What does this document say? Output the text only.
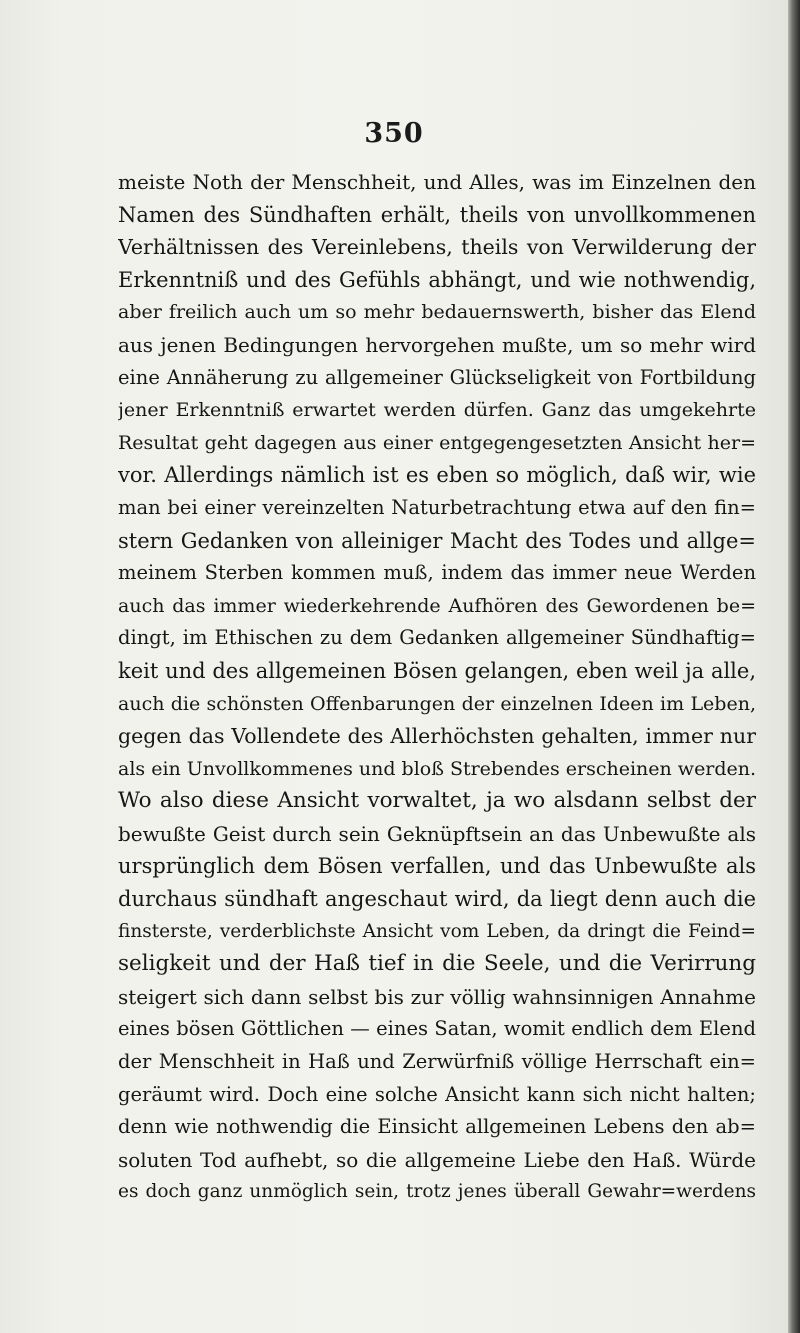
350
meiste Noth der Menschheit, und Alles, was im Einzelnen den
Namen des Sündhaften erhält, theils von unvollkommenen
Verhältnissen des Vereinlebens, theils von Verwilderung der
Erkenntniß und des Gefühls abhängt, und wie nothwendig,
aber freilich auch um so mehr bedauernswerth, bisher das Elend
aus jenen Bedingungen hervorgehen mußte, um so mehr wird
eine Annäherung zu allgemeiner Glückseligkeit von Fortbildung
jener Erkenntniß erwartet werden dürfen. Ganz das umgekehrte
Resultat geht dagegen aus einer entgegengesetzten Ansicht her=
vor. Allerdings nämlich ist es eben so möglich, daß wir, wie
man bei einer vereinzelten Naturbetrachtung etwa auf den fin=
stern Gedanken von alleiniger Macht des Todes und allge=
meinem Sterben kommen muß, indem das immer neue Werden
auch das immer wiederkehrende Aufhören des Gewordenen be=
dingt, im Ethischen zu dem Gedanken allgemeiner Sündhaftig=
keit und des allgemeinen Bösen gelangen, eben weil ja alle,
auch die schönsten Offenbarungen der einzelnen Ideen im Leben,
gegen das Vollendete des Allerhöchsten gehalten, immer nur
als ein Unvollkommenes und bloß Strebendes erscheinen werden.
Wo also diese Ansicht vorwaltet, ja wo alsdann selbst der
bewußte Geist durch sein Geknüpftsein an das Unbewußte als
ursprünglich dem Bösen verfallen, und das Unbewußte als
durchaus sündhaft angeschaut wird, da liegt denn auch die
finsterste, verderblichste Ansicht vom Leben, da dringt die Feind=
seligkeit und der Haß tief in die Seele, und die Verirrung
steigert sich dann selbst bis zur völlig wahnsinnigen Annahme
eines bösen Göttlichen — eines Satan, womit endlich dem Elend
der Menschheit in Haß und Zerwürfniß völlige Herrschaft ein=
geräumt wird. Doch eine solche Ansicht kann sich nicht halten;
denn wie nothwendig die Einsicht allgemeinen Lebens den ab=
soluten Tod aufhebt, so die allgemeine Liebe den Haß. Würde
es doch ganz unmöglich sein, trotz jenes überall Gewahr=werdens
